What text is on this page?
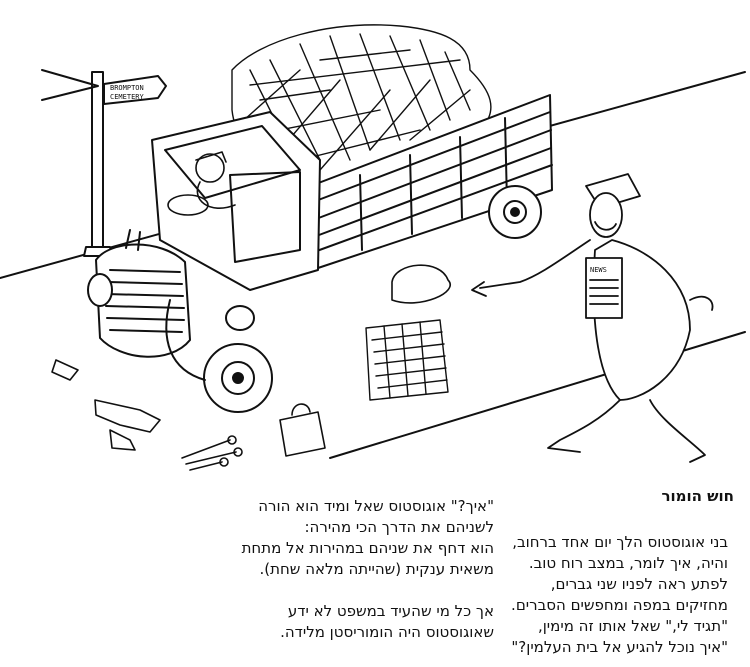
BROMPTON
CEMETERY
NEWS
"איך?" אוגוסטוס שאל ומיד הוא הורה
לשניהם את הדרך הכי מהירה:
הוא דחף את שניהם במהירות אל מתחת
משאית ענקית (שהייתה מלאה שחת).
אך כל מי שהעיד במשפט לא ידע
שאוגוסטוס היה הומוריסטן מלידה.
חוש הומור
בני אוגוסטוס הלך יום אחד ברחוב,
והיה, איך לומר, במצב רוח טוב.
לפתע ראה לפניו שני גברים,
מחזיקים במפה ומחפשים הסברים.
"תגיד לי," שאל אותו זה מימין,
"איך נוכל להגיע אל בית העלמין?"
